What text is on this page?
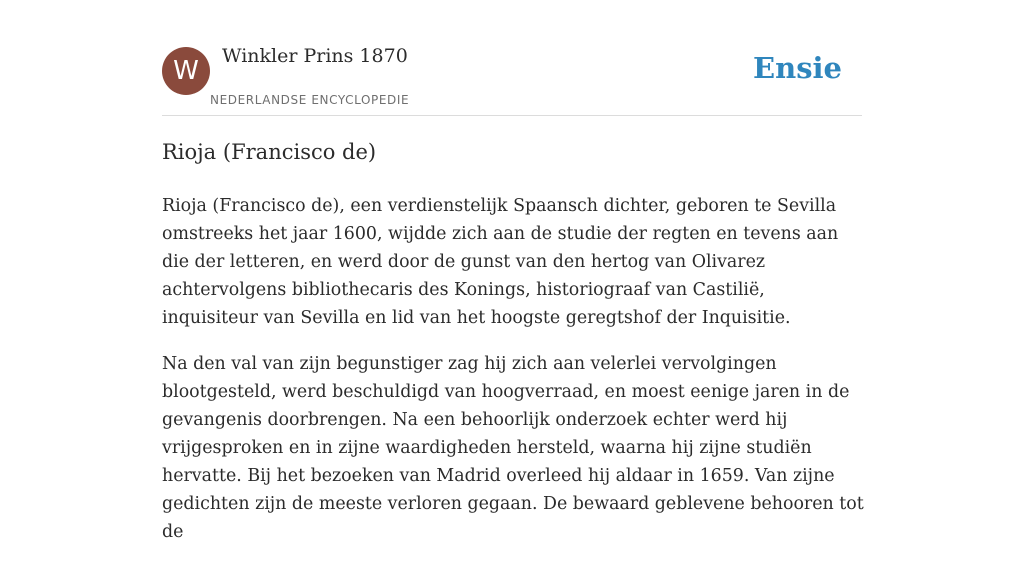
W	Winkler Prins 1870
NEDERLANDSE ENCYCLOPEDIE
Ensie
Rioja (Francisco de)

Rioja (Francisco de), een verdienstelijk Spaansch dichter, geboren te Sevilla omstreeks het jaar 1600, wijdde zich aan de studie der regten en tevens aan die der letteren, en werd door de gunst van den hertog van Olivarez achtervolgens bibliothecaris des Konings, historiograaf van Castilië, inquisiteur van Sevilla en lid van het hoogste geregtshof der Inquisitie.

Na den val van zijn begunstiger zag hij zich aan velerlei vervolgingen blootgesteld, werd beschuldigd van hoogverraad, en moest eenige jaren in de gevangenis doorbrengen. Na een behoorlijk onderzoek echter werd hij vrijgesproken en in zijne waardigheden hersteld, waarna hij zijne studiën hervatte. Bij het bezoeken van Madrid overleed hij aldaar in 1659. Van zijne gedichten zijn de meeste verloren gegaan. De bewaard geblevene behooren tot de
